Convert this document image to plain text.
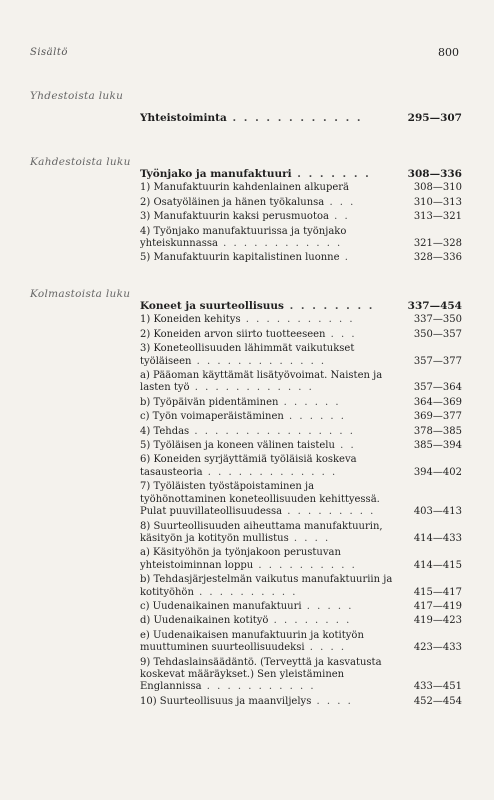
Sisältö	800
Yhdestoista luku
Yhteistoiminta . . . . . . . . . . . .	295—307
Kahdestoista luku
Työnjako ja manufaktuuri . . . . . . .	308—336
1) Manufaktuurin kahdenlainen alkuperä	308—310
2) Osatyöläinen ja hänen työkalunsa . . .	310—313
3) Manufaktuurin kaksi perusmuotoa . .	313—321
4) Työnjako manufaktuurissa ja työnjako yhteiskunnassa . . . . . . . . . . . .	321—328
5) Manufaktuurin kapitalistinen luonne .	328—336
Kolmastoista luku
Koneet ja suurteollisuus . . . . . . . .	337—454
1) Koneiden kehitys . . . . . . . . . . .	337—350
2) Koneiden arvon siirto tuotteeseen . . .	350—357
3) Koneteollisuuden lähimmät vaikutukset työläiseen . . . . . . . . . . . . .	357—377
a) Pääoman käyttämät lisätyövoimat. Naisten ja lasten työ . . . . . . . . . . . .	357—364
b) Työpäivän pidentäminen . . . . . .	364—369
c) Työn voimaperäistäminen . . . . . .	369—377
4) Tehdas . . . . . . . . . . . . . . . .	378—385
5) Työläisen ja koneen välinen taistelu . .	385—394
6) Koneiden syrjäyttämiä työläisiä koskeva tasausteoria . . . . . . . . . . . . .	394—402
7) Työläisten työstäpoistaminen ja työhönottaminen koneteollisuuden kehittyessä. Pulat puuvillateollisuudessa . . . . . . . . .	403—413
8) Suurteollisuuden aiheuttama manufaktuurin, käsityön ja kotityön mullistus . . . .	414—433
a) Käsityöhön ja työnjakoon perustuvan yhteistoiminnan loppu . . . . . . . . . .	414—415
b) Tehdasjärjestelmän vaikutus manufaktuuriin ja kotityöhön . . . . . . . . . .	415—417
c) Uudenaikainen manufaktuuri . . . . .	417—419
d) Uudenaikainen kotityö . . . . . . . .	419—423
e) Uudenaikaisen manufaktuurin ja kotityön muuttuminen suurteollisuudeksi . . . .	423—433
9) Tehdaslainsäädäntö. (Terveyttä ja kasvatusta koskevat määräykset.) Sen yleistäminen Englannissa . . . . . . . . . . .	433—451
10) Suurteollisuus ja maanviljelys . . . .	452—454
